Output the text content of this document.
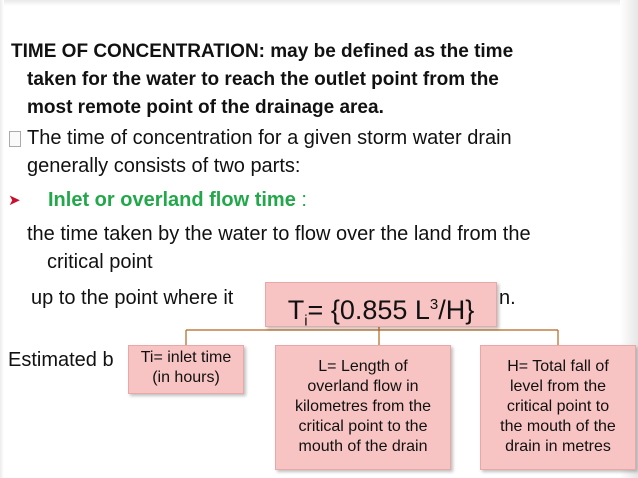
TIME OF CONCENTRATION: may be defined as the time
taken for the water to reach the outlet point from the
most remote point of the drainage area.
The time of concentration for a given storm water drain
generally consists of two parts:
➤ Inlet or overland flow time :
the time taken by the water to flow over the land from the
critical point
up to the point where it	n.
Estimated b
$T_i= \{0.855$ $L^3/H$}
Ti= inlet time
(in hours)
L= Length of
overland flow in
kilometres from the
critical point to the
mouth of the drain
H= Total fall of
level from the
critical point to
the mouth of the
drain in metres
